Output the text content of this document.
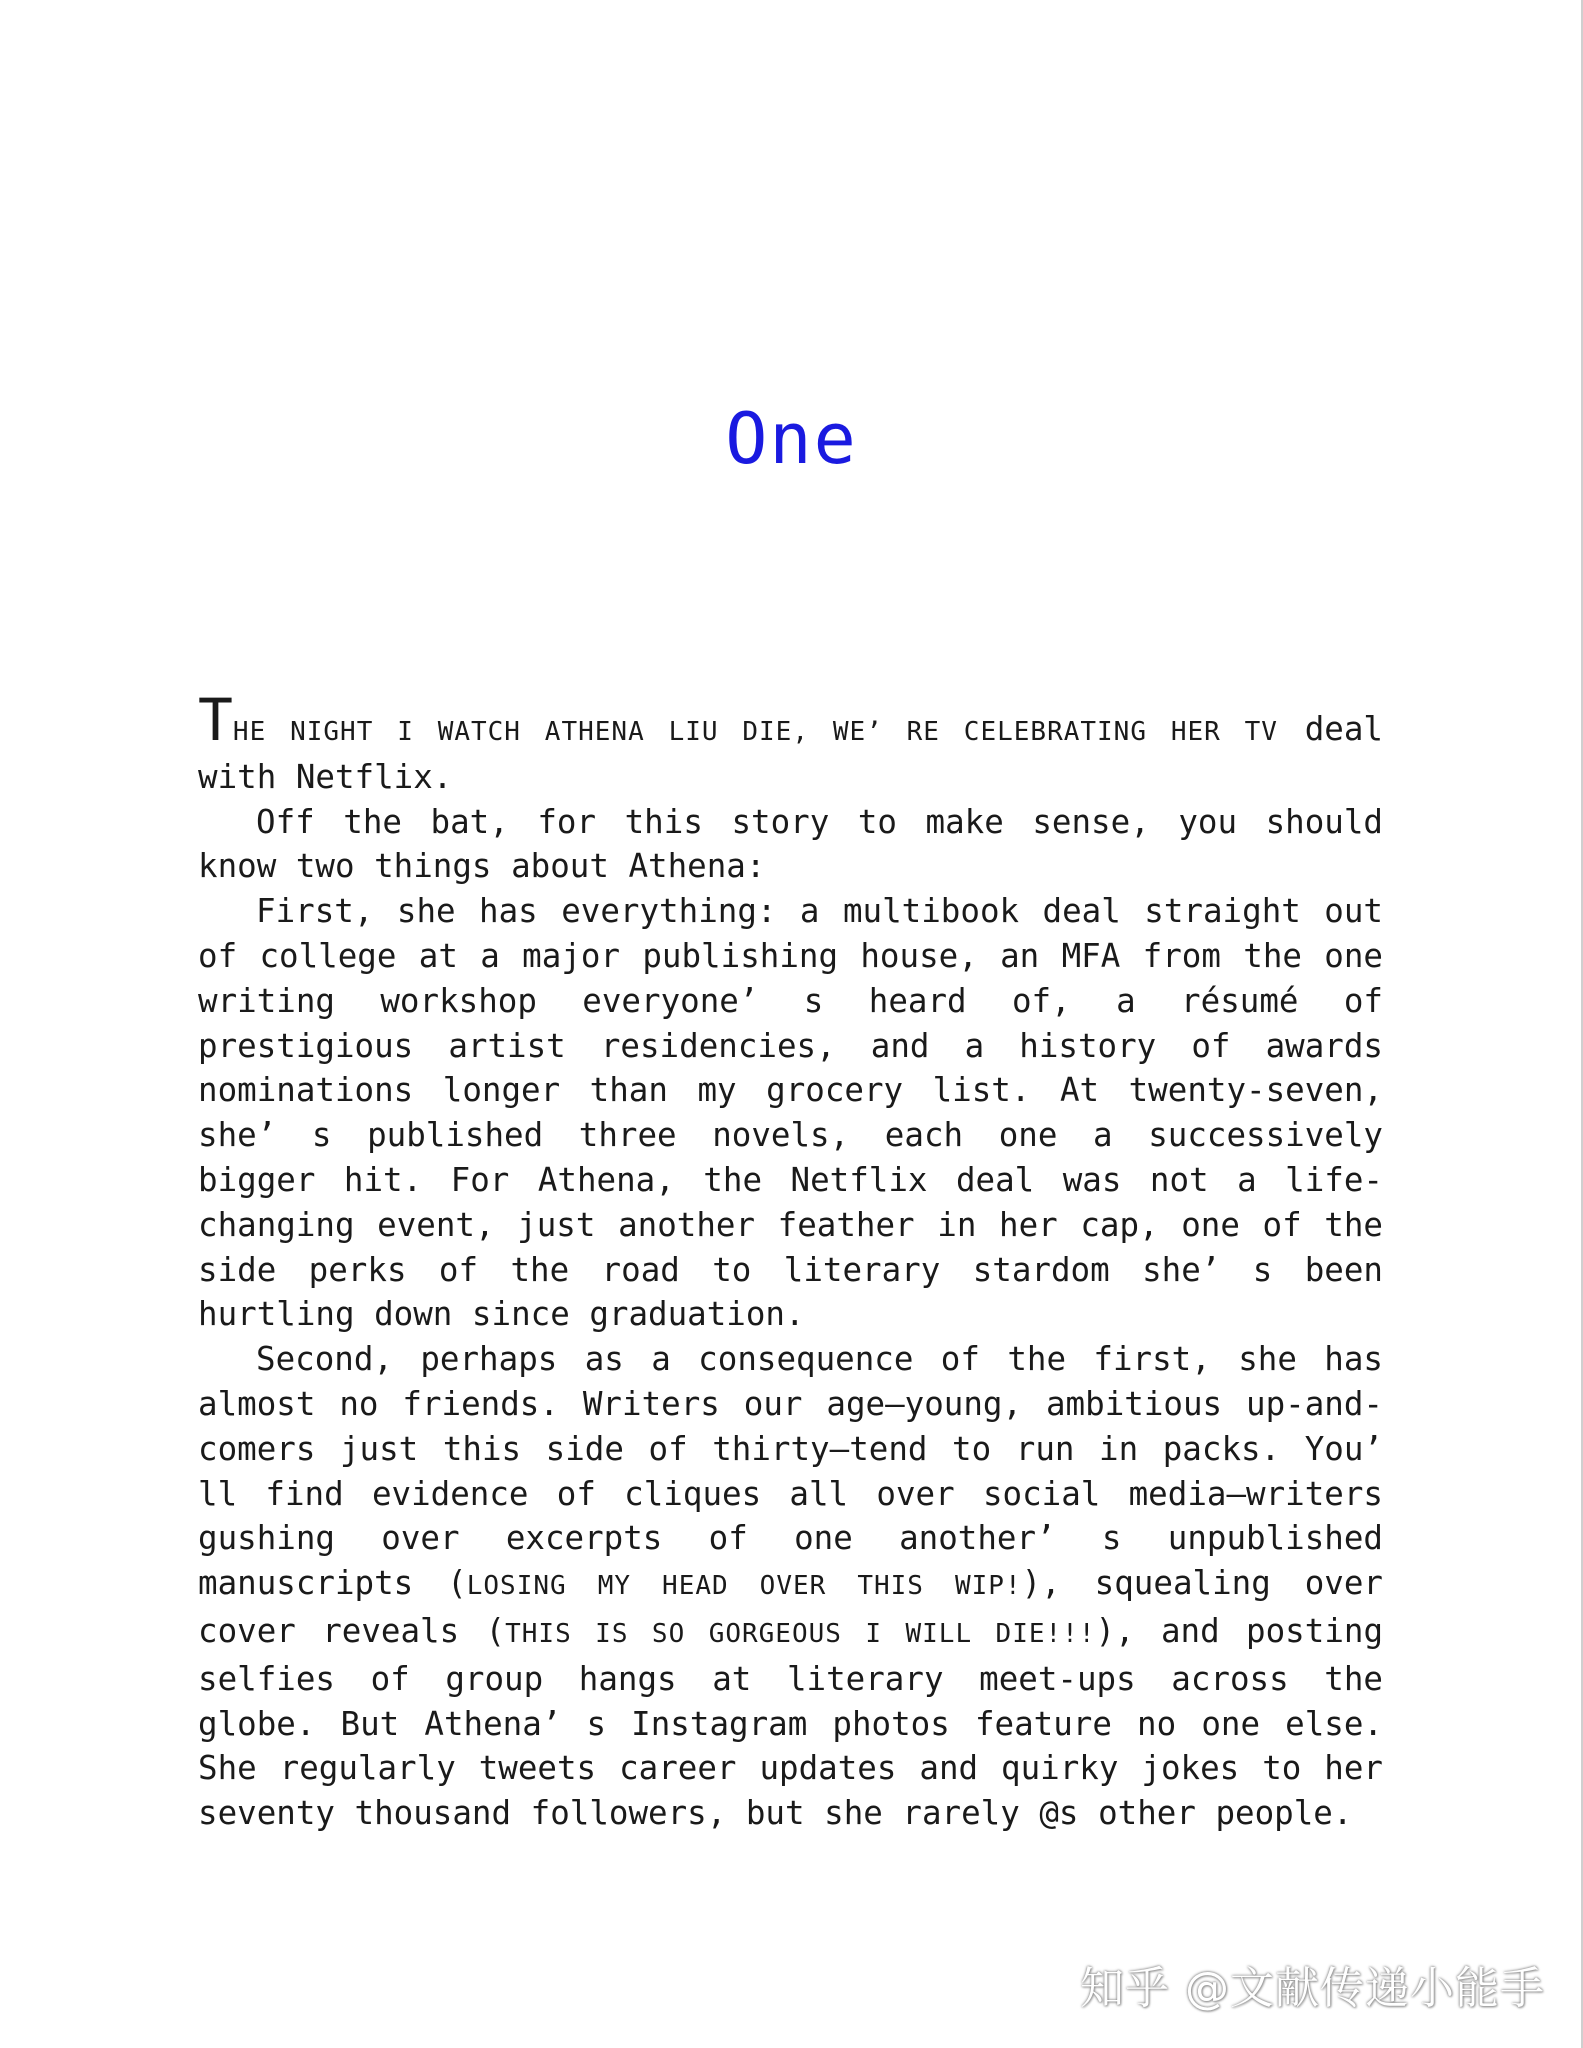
One

THE NIGHT I WATCH ATHENA LIU DIE, WE’ RE CELEBRATING HER TV deal with Netflix.

Off the bat, for this story to make sense, you should know two things about Athena:

First, she has everything: a multibook deal straight out of college at a major publishing house, an MFA from the one writing workshop everyone’ s heard of, a résumé of prestigious artist residencies, and a history of awards nominations longer than my grocery list. At twenty-seven, she’ s published three novels, each one a successively bigger hit. For Athena, the Netflix deal was not a life-changing event, just another feather in her cap, one of the side perks of the road to literary stardom she’ s been hurtling down since graduation.

Second, perhaps as a consequence of the first, she has almost no friends. Writers our age—young, ambitious up-and-comers just this side of thirty—tend to run in packs. You’ ll find evidence of cliques all over social media—writers gushing over excerpts of one another’ s unpublished manuscripts (LOSING MY HEAD OVER THIS WIP!), squealing over cover reveals (THIS IS SO GORGEOUS I WILL DIE!!!), and posting selfies of group hangs at literary meet-ups across the globe. But Athena’ s Instagram photos feature no one else. She regularly tweets career updates and quirky jokes to her seventy thousand followers, but she rarely @s other people.

知乎 @文献传递小能手
